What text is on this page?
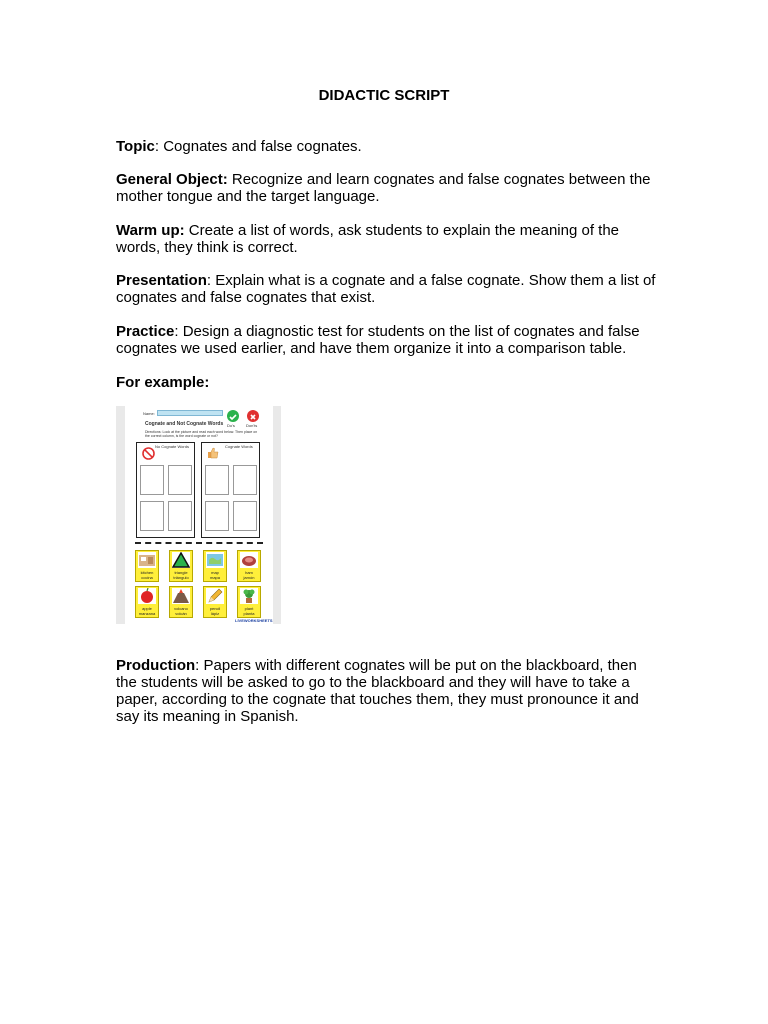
DIDACTIC SCRIPT
Topic: Cognates and false cognates.
General Object: Recognize and learn cognates and false cognates between the mother tongue and the target language.
Warm up: Create a list of words, ask students to explain the meaning of the words, they think is correct.
Presentation: Explain what is a cognate and a false cognate. Show them a list of cognates and false cognates that exist.
Practice: Design a diagnostic test for students on the list of cognates and false cognates we used earlier, and have them organize it into a comparison table.
For example:
Name:
Do's	Don'ts
Cognate and Not Cognate Words
Directions: Look at the picture and read each word below. Then place on the correct column, is the word cognate or not?
No Cognate Words	Cognate Words
kitchen
cocina
triangle
triángulo
map
mapa
ham
jamón
apple
manzana
volcano
volcán
pencil
lápiz
plant
planta
LIVEWORKSHEETS
Production: Papers with different cognates will be put on the blackboard, then the students will be asked to go to the blackboard and they will have to take a paper, according to the cognate that touches them, they must pronounce it and say its meaning in Spanish.
